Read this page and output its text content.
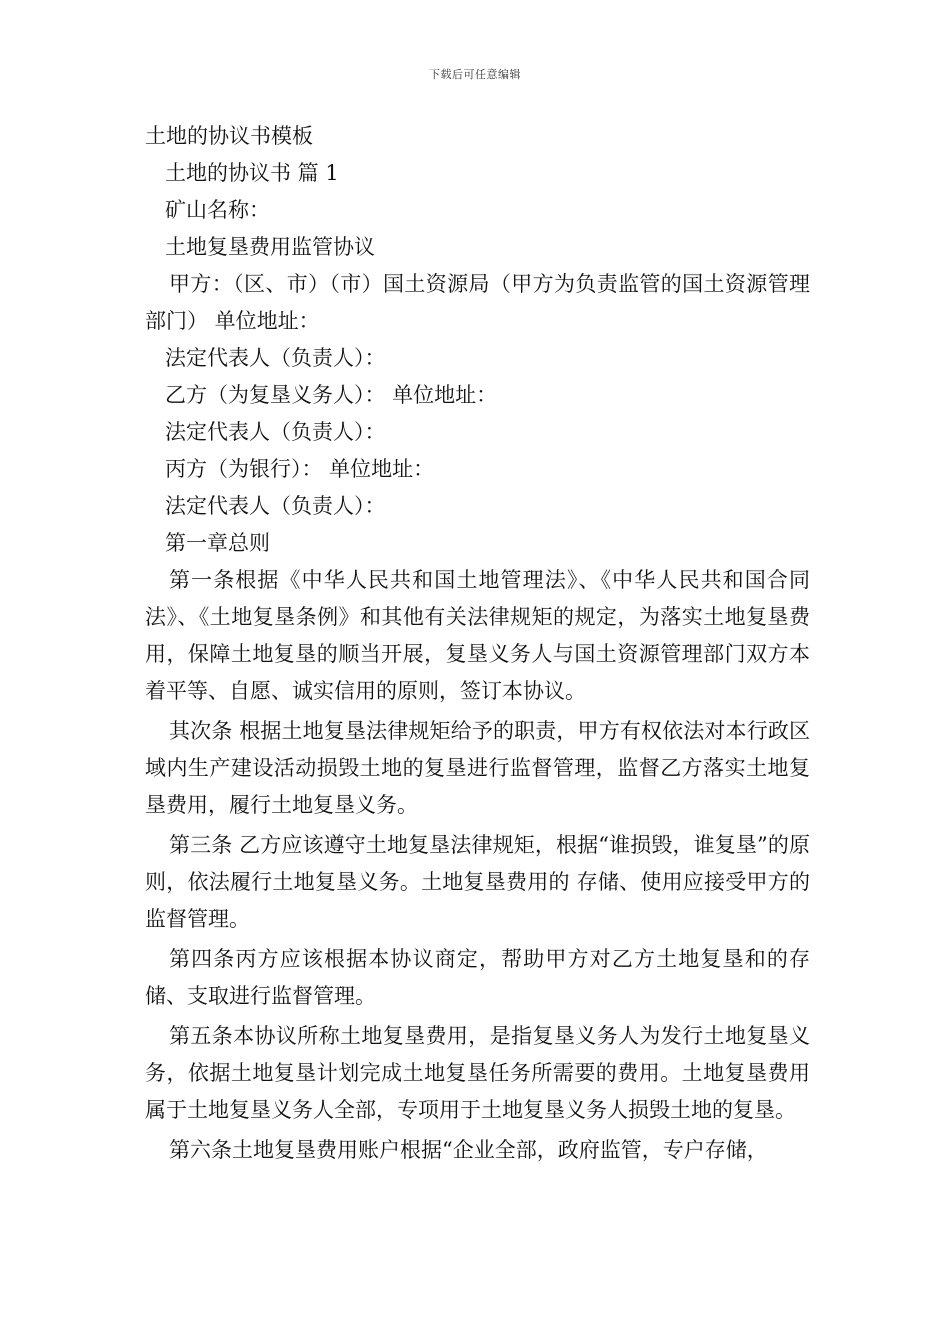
下载后可任意编辑

土地的协议书模板

土地的协议书 篇 1

矿山名称：

土地复垦费用监管协议

甲方：（区、市）（市）国土资源局（甲方为负责监管的国土资源管理部门） 单位地址：

法定代表人（负责人）：

乙方（为复垦义务人）： 单位地址：

法定代表人（负责人）：

丙方（为银行）： 单位地址：

法定代表人（负责人）：

第一章总则

第一条根据《中华人民共和国土地管理法》、《中华人民共和国合同法》、《土地复垦条例》和其他有关法律规矩的规定，为落实土地复垦费用，保障土地复垦的顺当开展，复垦义务人与国土资源管理部门双方本着平等、自愿、诚实信用的原则，签订本协议。

其次条 根据土地复垦法律规矩给予的职责，甲方有权依法对本行政区域内生产建设活动损毁土地的复垦进行监督管理，监督乙方落实土地复垦费用，履行土地复垦义务。

第三条 乙方应该遵守土地复垦法律规矩，根据“谁损毁，谁复垦”的原则，依法履行土地复垦义务。土地复垦费用的 存储、使用应接受甲方的监督管理。

第四条丙方应该根据本协议商定，帮助甲方对乙方土地复垦和的存储、支取进行监督管理。

第五条本协议所称土地复垦费用，是指复垦义务人为发行土地复垦义务，依据土地复垦计划完成土地复垦任务所需要的费用。土地复垦费用属于土地复垦义务人全部，专项用于土地复垦义务人损毁土地的复垦。

第六条土地复垦费用账户根据“企业全部，政府监管，专户存储，
